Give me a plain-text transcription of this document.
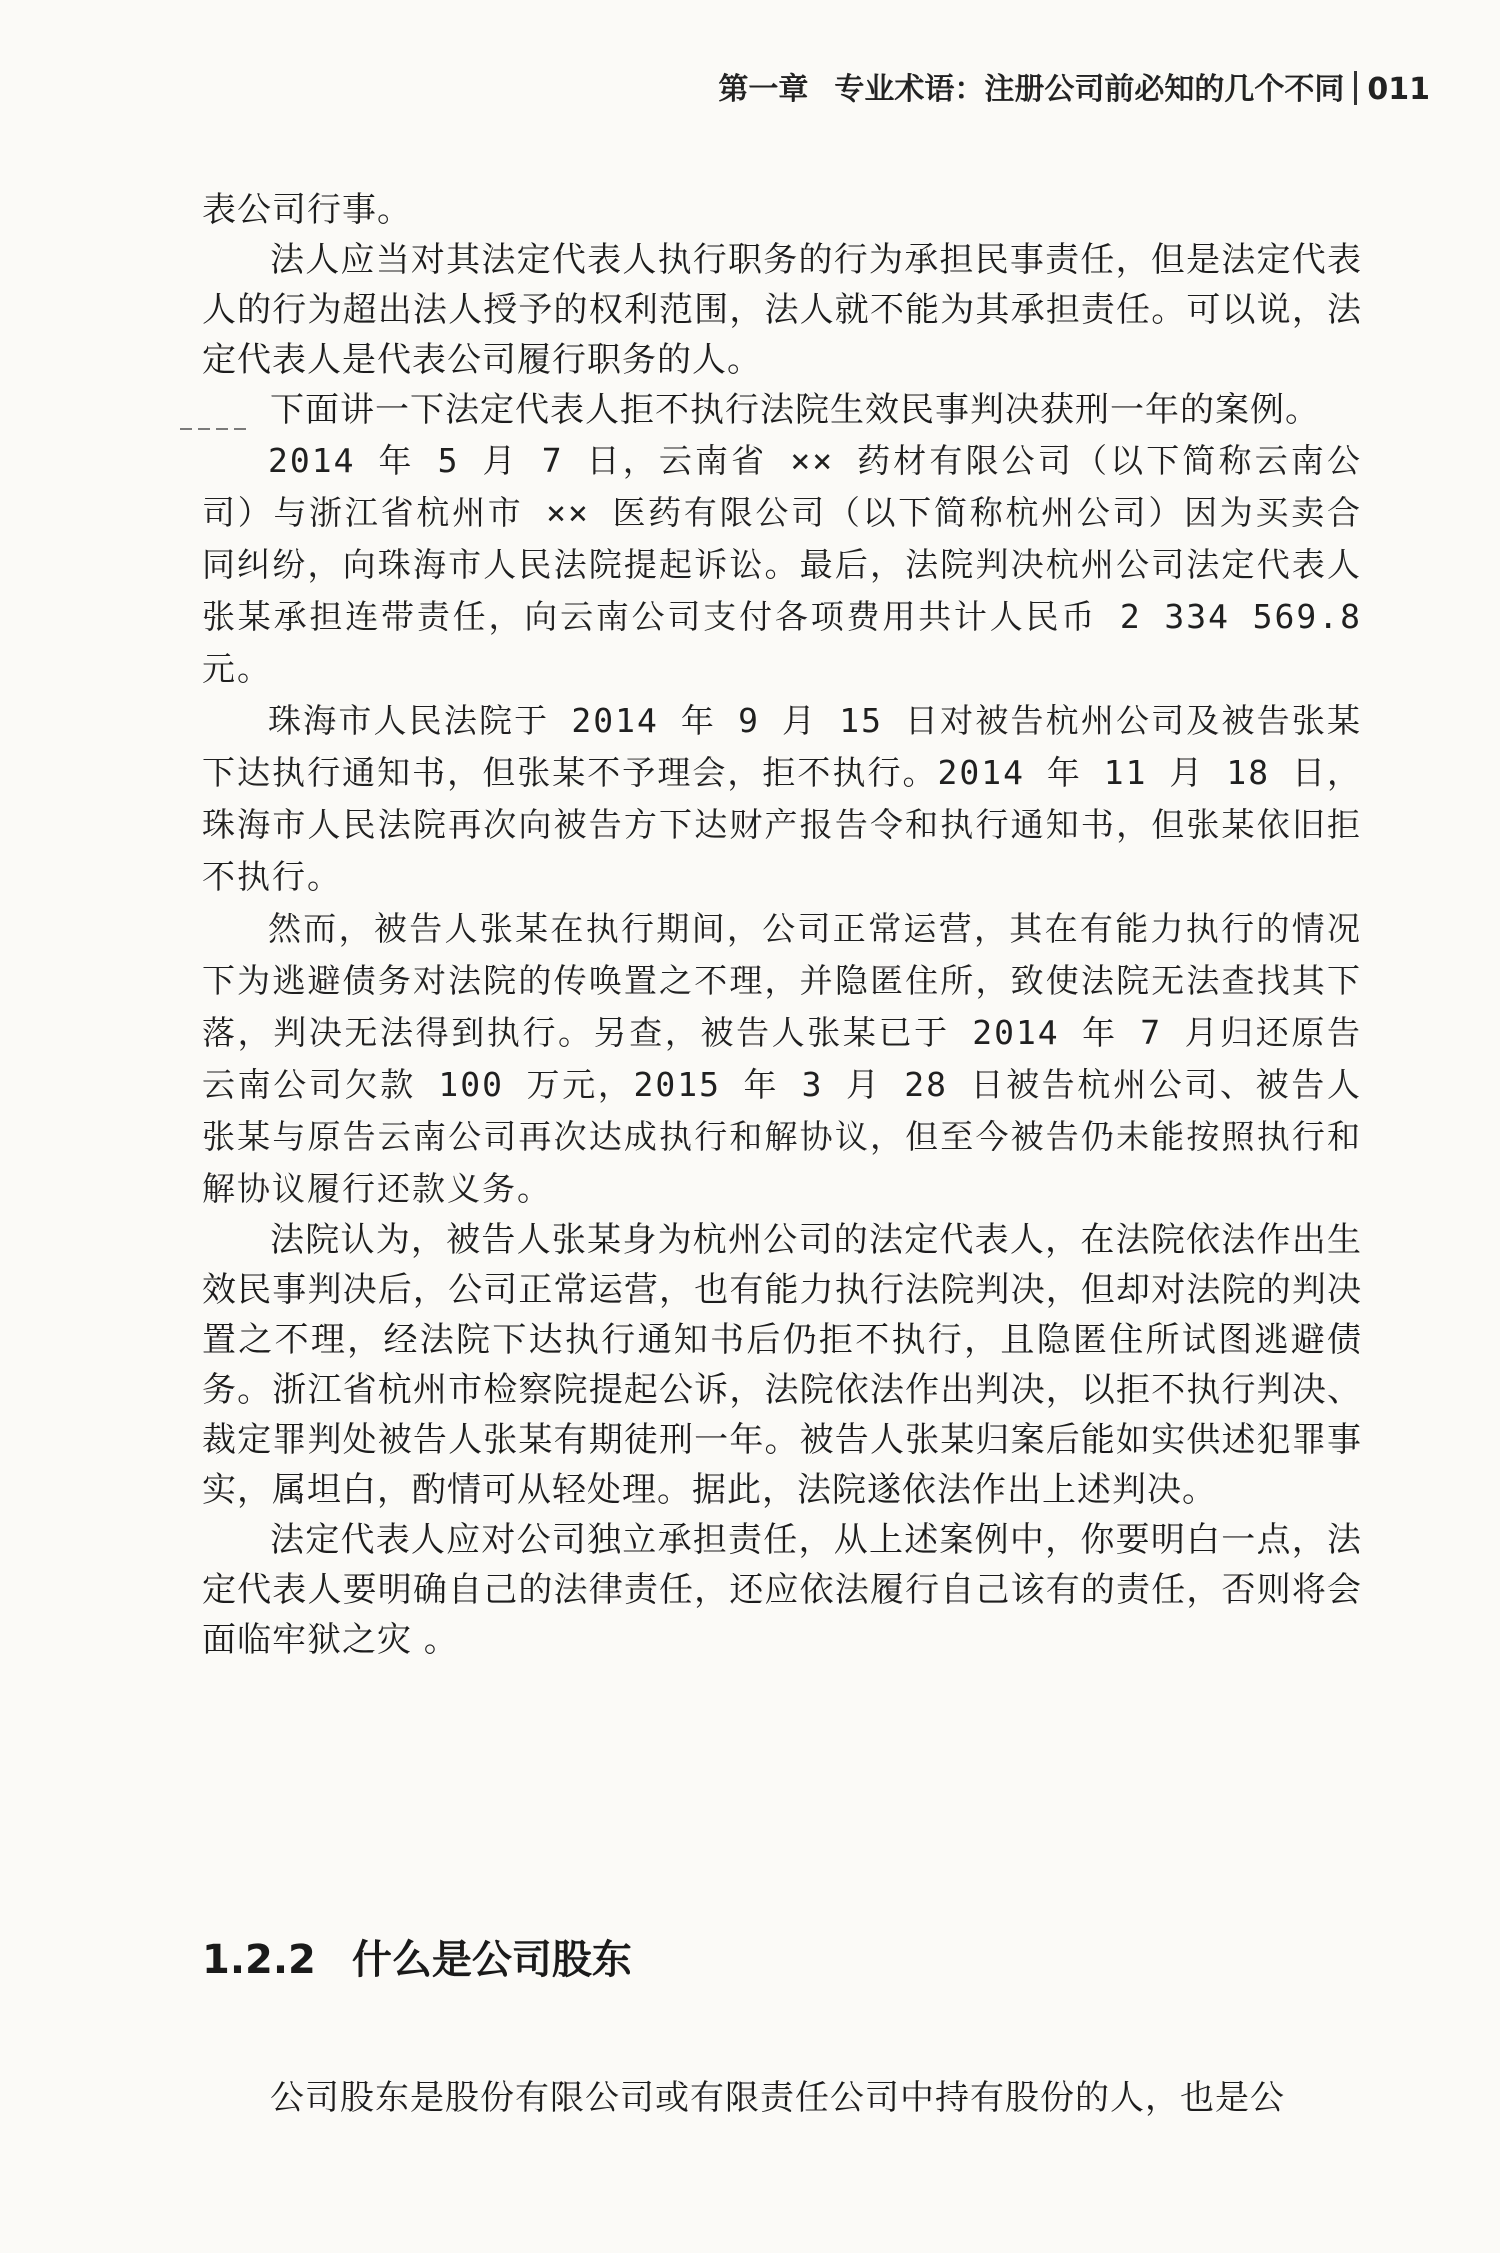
第一章 专业术语：注册公司前必知的几个不同 011

表公司行事。

法人应当对其法定代表人执行职务的行为承担民事责任，但是法定代表人的行为超出法人授予的权利范围，法人就不能为其承担责任。可以说，法定代表人是代表公司履行职务的人。

下面讲一下法定代表人拒不执行法院生效民事判决获刑一年的案例。

2014 年 5 月 7 日，云南省 ×× 药材有限公司（以下简称云南公司）与浙江省杭州市 ×× 医药有限公司（以下简称杭州公司）因为买卖合同纠纷，向珠海市人民法院提起诉讼。最后，法院判决杭州公司法定代表人张某承担连带责任，向云南公司支付各项费用共计人民币 2 334 569.8 元。

珠海市人民法院于 2014 年 9 月 15 日对被告杭州公司及被告张某下达执行通知书，但张某不予理会，拒不执行。2014 年 11 月 18 日，珠海市人民法院再次向被告方下达财产报告令和执行通知书，但张某依旧拒不执行。

然而，被告人张某在执行期间，公司正常运营，其在有能力执行的情况下为逃避债务对法院的传唤置之不理，并隐匿住所，致使法院无法查找其下落，判决无法得到执行。另查，被告人张某已于 2014 年 7 月归还原告云南公司欠款 100 万元，2015 年 3 月 28 日被告杭州公司、被告人张某与原告云南公司再次达成执行和解协议，但至今被告仍未能按照执行和解协议履行还款义务。

法院认为，被告人张某身为杭州公司的法定代表人，在法院依法作出生效民事判决后，公司正常运营，也有能力执行法院判决，但却对法院的判决置之不理，经法院下达执行通知书后仍拒不执行，且隐匿住所试图逃避债务。浙江省杭州市检察院提起公诉，法院依法作出判决，以拒不执行判决、裁定罪判处被告人张某有期徒刑一年。被告人张某归案后能如实供述犯罪事实，属坦白，酌情可从轻处理。据此，法院遂依法作出上述判决。

法定代表人应对公司独立承担责任，从上述案例中，你要明白一点，法定代表人要明确自己的法律责任，还应依法履行自己该有的责任，否则将会面临牢狱之灾 。

1.2.2 什么是公司股东

公司股东是股份有限公司或有限责任公司中持有股份的人，也是公
